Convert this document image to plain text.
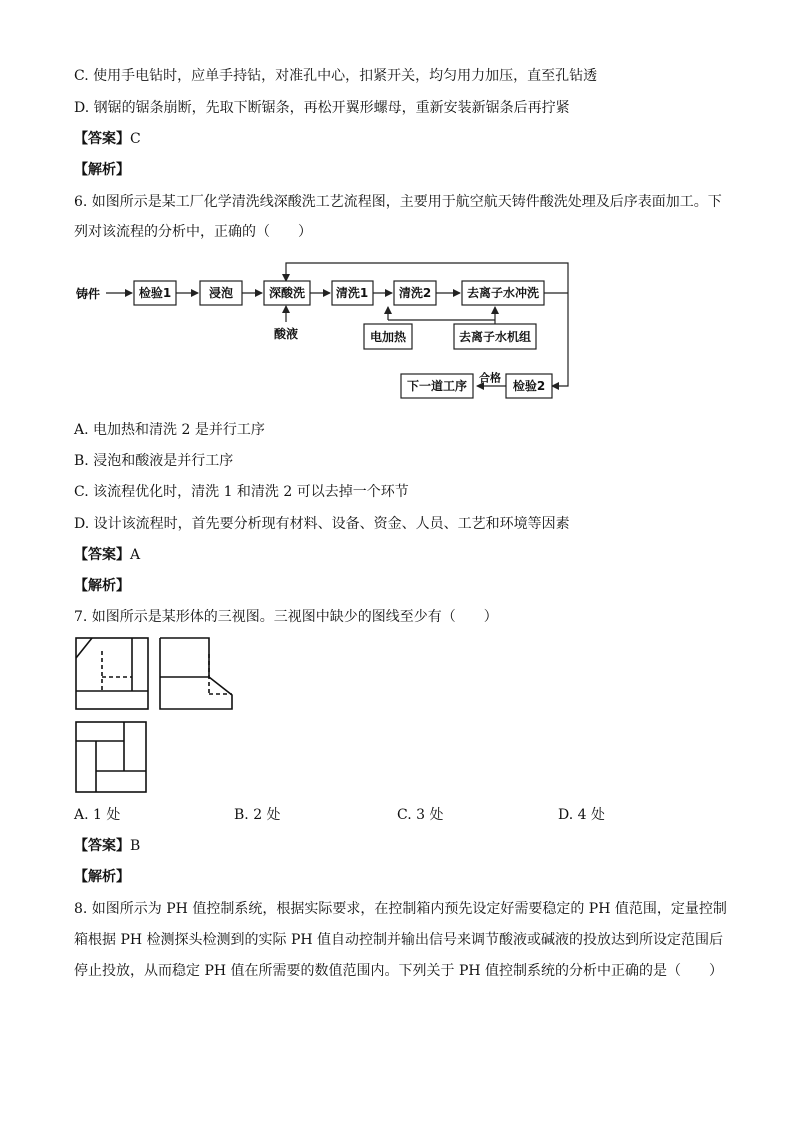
C. 使用手电钻时，应单手持钻，对准孔中心，扣紧开关，均匀用力加压，直至孔钻透
D. 钢锯的锯条崩断，先取下断锯条，再松开翼形螺母，重新安装新锯条后再拧紧
【答案】C
【解析】
6. 如图所示是某工厂化学清洗线深酸洗工艺流程图，主要用于航空航天铸件酸洗处理及后序表面加工。下
列对该流程的分析中，正确的（　　）
铸件	检验1	浸泡	深酸洗	清洗1	清洗2	去离子水冲洗
酸液	电加热	去离子水机组
下一道工序	检验2
合格
A. 电加热和清洗 2 是并行工序
B. 浸泡和酸液是并行工序
C. 该流程优化时，清洗 1 和清洗 2 可以去掉一个环节
D. 设计该流程时，首先要分析现有材料、设备、资金、人员、工艺和环境等因素
【答案】A
【解析】
7. 如图所示是某形体的三视图。三视图中缺少的图线至少有（　　）
A. 1 处	B. 2 处	C. 3 处	D. 4 处
【答案】B
【解析】
8. 如图所示为 PH 值控制系统，根据实际要求，在控制箱内预先设定好需要稳定的 PH 值范围，定量控制
箱根据 PH 检测探头检测到的实际 PH 值自动控制并输出信号来调节酸液或碱液的投放达到所设定范围后
停止投放，从而稳定 PH 值在所需要的数值范围内。下列关于 PH 值控制系统的分析中正确的是（　　）
